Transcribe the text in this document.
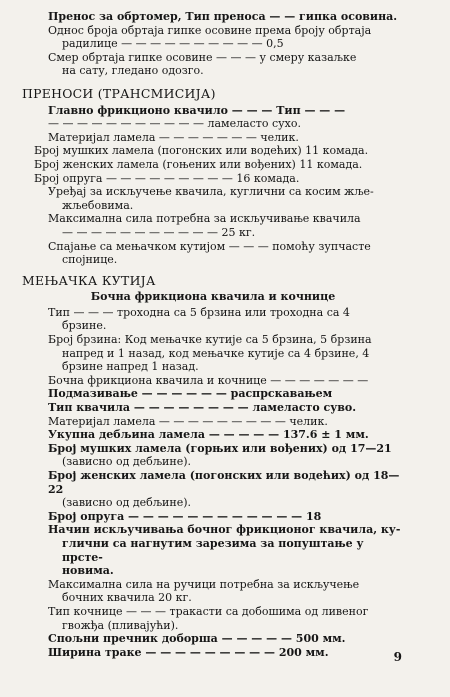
Пренос за обртомер, Тип преноса — — гипка осовина.
Однос броја обртаја гипке осовине према броју обртаја
радилице — — — — — — — — — — 0,5
Смер обртаја гипке осовине — — — у смеру казаљке
на сату, гледано одозго.
ПРЕНОСИ (ТРАНСМИСИЈА)
Главно фрикционо квачило — — — Тип — — —
— — — — — — — — — — — ламеласто сухо.
Материјал ламела — — — — — — — челик.
Број мушких ламела (погонских или водећих) 11 комада.
Број женских ламела (гоњених или вођених) 11 комада.
Број опруга — — — — — — — — — 16 комада.
Уређај за искључење квачила, куглични са косим жље-
жљебовима.
Максимална сила потребна за искључивање квачила
— — — — — — — — — — — 25 кг.
Спајање са мењачком кутијом — — — помоћу зупчасте
спојнице.
МЕЊАЧКА КУТИЈА
Бочна фрикциона квачила и кочнице
Тип — — — троходна са 5 брзина или троходна са 4
брзине.
Број брзина: Код мењачке кутије са 5 брзина, 5 брзина
напред и 1 назад, код мењачке кутије са 4 брзине, 4
брзине напред 1 назад.
Бочна фрикциона квачила и кочнице — — — — — — —
Подмазивање — — — — — — распрскавањем
Тип квачила — — — — — — — — ламеласто суво.
Материјал ламела — — — — — — — — — челик.
Укупна дебљина ламела — — — — — 137.6 ± 1 мм.
Број мушких ламела (горњих или вођених) од 17—21
(зависно од дебљине).
Број женских ламела (погонских или водећих) од 18—22
(зависно од дебљине).
Број опруга — — — — — — — — — — — — 18
Начин искључивања бочног фрикционог квачила, ку-
глични са нагнутим зарезима за попуштање у прсте-
новима.
Максимална сила на ручици потребна за искључење
бочних квачила 20 кг.
Тип кочнице — — — тракасти са добошима од ливеног
гвожђа (пливајући).
Спољни пречник доборша — — — — — 500 мм.
Ширина траке — — — — — — — — — 200 мм.	9
